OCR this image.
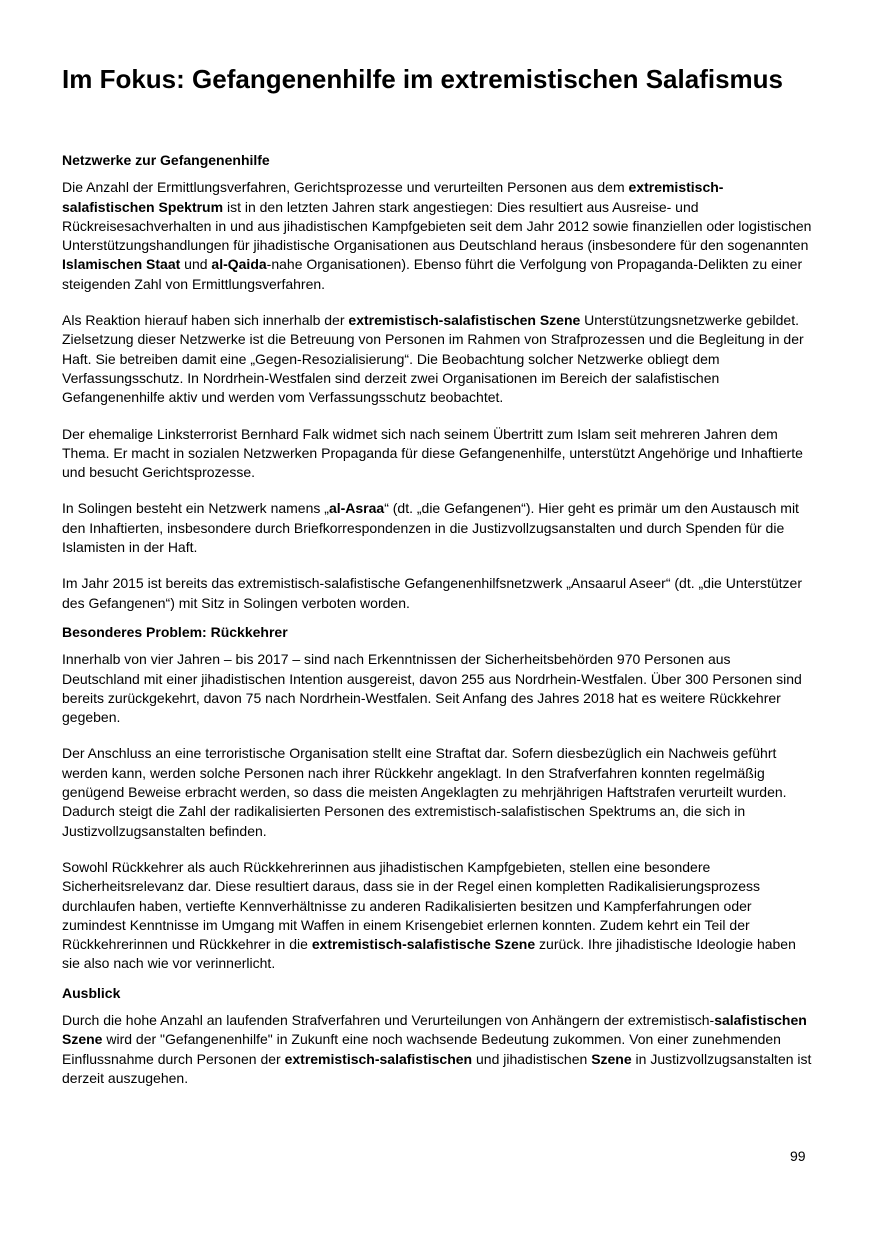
Im Fokus: Gefangenenhilfe im extremistischen Salafismus
Netzwerke zur Gefangenenhilfe

Die Anzahl der Ermittlungsverfahren, Gerichtsprozesse und verurteilten Personen aus dem extremistisch-salafistischen Spektrum ist in den letzten Jahren stark angestiegen: Dies resultiert aus Ausreise- und Rückreisesachverhalten in und aus jihadistischen Kampfgebieten seit dem Jahr 2012 sowie finanziellen oder logistischen Unterstützungshandlungen für jihadistische Organisationen aus Deutschland heraus (insbesondere für den sogenannten Islamischen Staat und al-Qaida-nahe Organisationen). Ebenso führt die Verfolgung von Propaganda-Delikten zu einer steigenden Zahl von Ermittlungsverfahren.

Als Reaktion hierauf haben sich innerhalb der extremistisch-salafistischen Szene Unterstützungsnetzwerke gebildet. Zielsetzung dieser Netzwerke ist die Betreuung von Personen im Rahmen von Strafprozessen und die Begleitung in der Haft. Sie betreiben damit eine „Gegen-Resozialisierung“. Die Beobachtung solcher Netzwerke obliegt dem Verfassungsschutz. In Nordrhein-Westfalen sind derzeit zwei Organisationen im Bereich der salafistischen Gefangenenhilfe aktiv und werden vom Verfassungsschutz beobachtet.

Der ehemalige Linksterrorist Bernhard Falk widmet sich nach seinem Übertritt zum Islam seit mehreren Jahren dem Thema. Er macht in sozialen Netzwerken Propaganda für diese Gefangenenhilfe, unterstützt Angehörige und Inhaftierte und besucht Gerichtsprozesse.

In Solingen besteht ein Netzwerk namens „al-Asraa“ (dt. „die Gefangenen“). Hier geht es primär um den Austausch mit den Inhaftierten, insbesondere durch Briefkorrespondenzen in die Justizvollzugsanstalten und durch Spenden für die Islamisten in der Haft.

Im Jahr 2015 ist bereits das extremistisch-salafistische Gefangenenhilfsnetzwerk „Ansaarul Aseer“ (dt. „die Unterstützer des Gefangenen“) mit Sitz in Solingen verboten worden.

Besonderes Problem: Rückkehrer

Innerhalb von vier Jahren – bis 2017 – sind nach Erkenntnissen der Sicherheitsbehörden 970 Personen aus Deutschland mit einer jihadistischen Intention ausgereist, davon 255 aus Nordrhein-Westfalen. Über 300 Personen sind bereits zurückgekehrt, davon 75 nach Nordrhein-Westfalen. Seit Anfang des Jahres 2018 hat es weitere Rückkehrer gegeben.

Der Anschluss an eine terroristische Organisation stellt eine Straftat dar. Sofern diesbezüglich ein Nachweis geführt werden kann, werden solche Personen nach ihrer Rückkehr angeklagt. In den Strafverfahren konnten regelmäßig genügend Beweise erbracht werden, so dass die meisten Angeklagten zu mehrjährigen Haftstrafen verurteilt wurden. Dadurch steigt die Zahl der radikalisierten Personen des extremistisch-salafistischen Spektrums an, die sich in Justizvollzugsanstalten befinden.

Sowohl Rückkehrer als auch Rückkehrerinnen aus jihadistischen Kampfgebieten, stellen eine besondere Sicherheitsrelevanz dar. Diese resultiert daraus, dass sie in der Regel einen kompletten Radikalisierungsprozess durchlaufen haben, vertiefte Kennverhältnisse zu anderen Radikalisierten besitzen und Kampferfahrungen oder zumindest Kenntnisse im Umgang mit Waffen in einem Krisengebiet erlernen konnten. Zudem kehrt ein Teil der Rückkehrerinnen und Rückkehrer in die extremistisch-salafistische Szene zurück. Ihre jihadistische Ideologie haben sie also nach wie vor verinnerlicht.

Ausblick

Durch die hohe Anzahl an laufenden Strafverfahren und Verurteilungen von Anhängern der extremistisch-salafistischen Szene wird der "Gefangenenhilfe" in Zukunft eine noch wachsende Bedeutung zukommen. Von einer zunehmenden Einflussnahme durch Personen der extremistisch-salafistischen und jihadistischen Szene in Justizvollzugsanstalten ist derzeit auszugehen.

99
